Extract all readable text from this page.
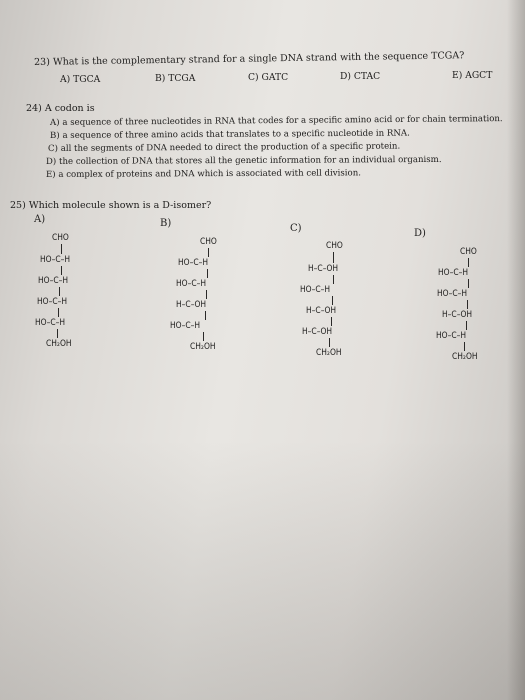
23) What is the complementary strand for a single DNA strand with the sequence TCGA?
A) TGCA	B) TCGA	C) GATC	D) CTAC	E) AGCT
24) A codon is
A) a sequence of three nucleotides in RNA that codes for a specific amino acid or for chain termination.
B) a sequence of three amino acids that translates to a specific nucleotide in RNA.
C) all the segments of DNA needed to direct the production of a specific protein.
D) the collection of DNA that stores all the genetic information for an individual organism.
E) a complex of proteins and DNA which is associated with cell division.
25) Which molecule shown is a D-isomer?
A)	B)	C)	D)
CHO
HO–C–H
HO–C–H
HO–C–H
HO–C–H
CH₂OH
CHO
HO–C–H
HO–C–H
H–C–OH
HO–C–H
CH₂OH
CHO
H–C–OH
HO–C–H
H–C–OH
H–C–OH
CH₂OH
CHO
HO–C–H
HO–C–H
H–C–OH
HO–C–H
CH₂OH
